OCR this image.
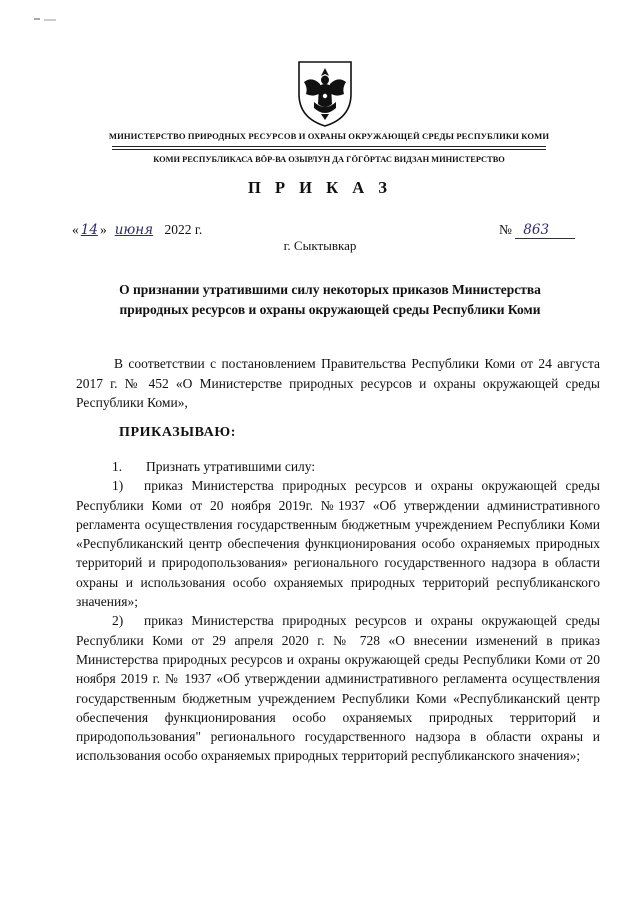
МИНИСТЕРСТВО ПРИРОДНЫХ РЕСУРСОВ И ОХРАНЫ ОКРУЖАЮЩЕЙ СРЕДЫ РЕСПУБЛИКИ КОМИ
КОМИ РЕСПУБЛИКАСА ВӦР-ВА ОЗЫРЛУН ДА ГӦГӦРТАС ВИДЗАН МИНИСТЕРСТВО
П Р И К А З
« 14 » июня 2022 г.	№ 863
г. Сыктывкар
О признании утратившими силу некоторых приказов Министерства природных ресурсов и охраны окружающей среды Республики Коми

В соответствии с постановлением Правительства Республики Коми от 24 августа 2017 г. № 452 «О Министерстве природных ресурсов и охраны окружающей среды Республики Коми»,

ПРИКАЗЫВАЮ:

1. Признать утратившими силу:

1) приказ Министерства природных ресурсов и охраны окружающей среды Республики Коми от 20 ноября 2019г. №1937 «Об утверждении административного регламента осуществления государственным бюджетным учреждением Республики Коми «Республиканский центр обеспечения функционирования особо охраняемых природных территорий и природопользования» регионального государственного надзора в области охраны и использования особо охраняемых природных территорий республиканского значения»;

2) приказ Министерства природных ресурсов и охраны окружающей среды Республики Коми от 29 апреля 2020 г. № 728 «О внесении изменений в приказ Министерства природных ресурсов и охраны окружающей среды Республики Коми от 20 ноября 2019 г. № 1937 «Об утверждении административного регламента осуществления государственным бюджетным учреждением Республики Коми «Республиканский центр обеспечения функционирования особо охраняемых природных территорий и природопользования" регионального государственного надзора в области охраны и использования особо охраняемых природных территорий республиканского значения»;
